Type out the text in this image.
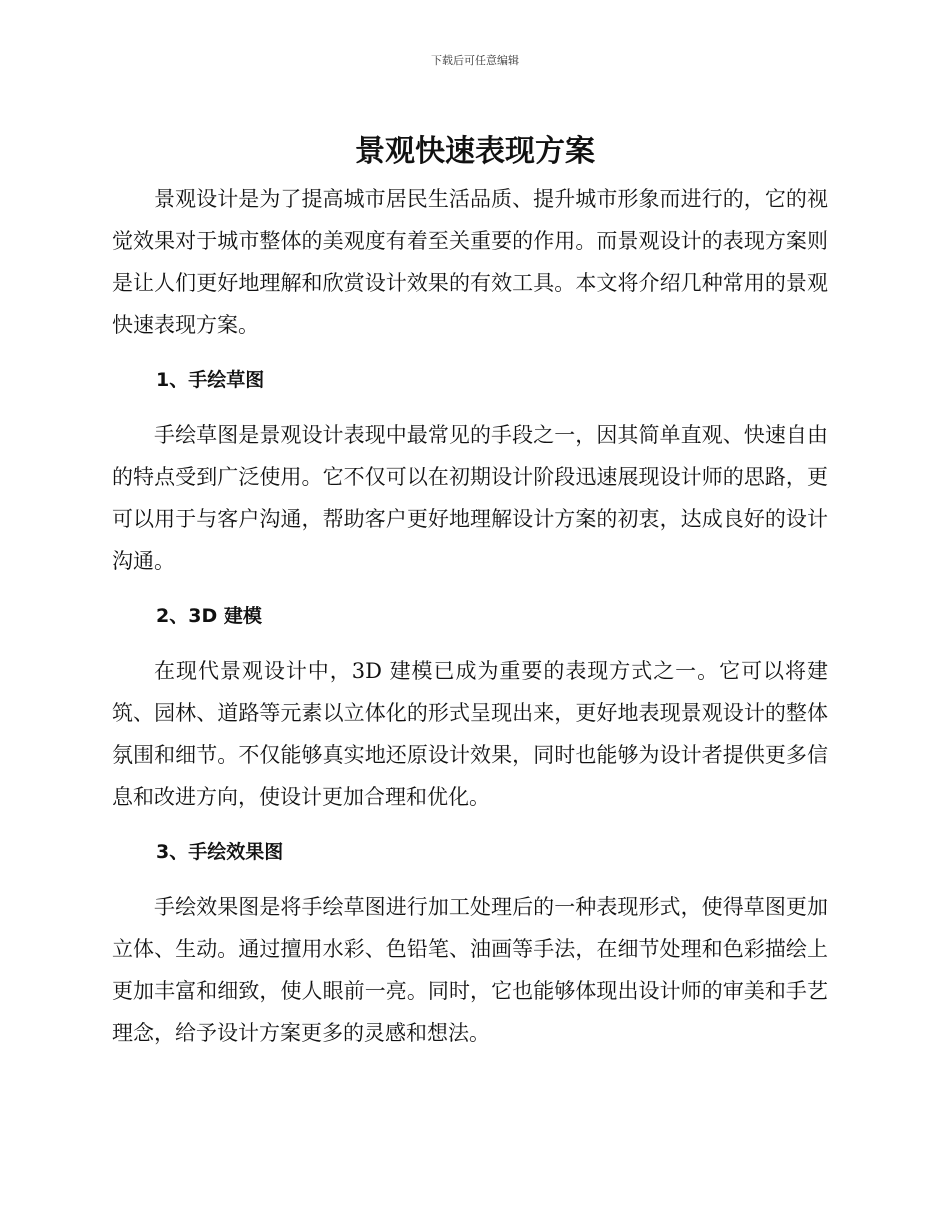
下载后可任意编辑
景观快速表现方案

景观设计是为了提高城市居民生活品质、提升城市形象而进行的，它的视觉效果对于城市整体的美观度有着至关重要的作用。而景观设计的表现方案则是让人们更好地理解和欣赏设计效果的有效工具。本文将介绍几种常用的景观快速表现方案。

1、手绘草图

手绘草图是景观设计表现中最常见的手段之一，因其简单直观、快速自由的特点受到广泛使用。它不仅可以在初期设计阶段迅速展现设计师的思路，更可以用于与客户沟通，帮助客户更好地理解设计方案的初衷，达成良好的设计沟通。

2、3D 建模

在现代景观设计中，3D 建模已成为重要的表现方式之一。它可以将建筑、园林、道路等元素以立体化的形式呈现出来，更好地表现景观设计的整体氛围和细节。不仅能够真实地还原设计效果，同时也能够为设计者提供更多信息和改进方向，使设计更加合理和优化。

3、手绘效果图

手绘效果图是将手绘草图进行加工处理后的一种表现形式，使得草图更加立体、生动。通过擅用水彩、色铅笔、油画等手法，在细节处理和色彩描绘上更加丰富和细致，使人眼前一亮。同时，它也能够体现出设计师的审美和手艺理念，给予设计方案更多的灵感和想法。
